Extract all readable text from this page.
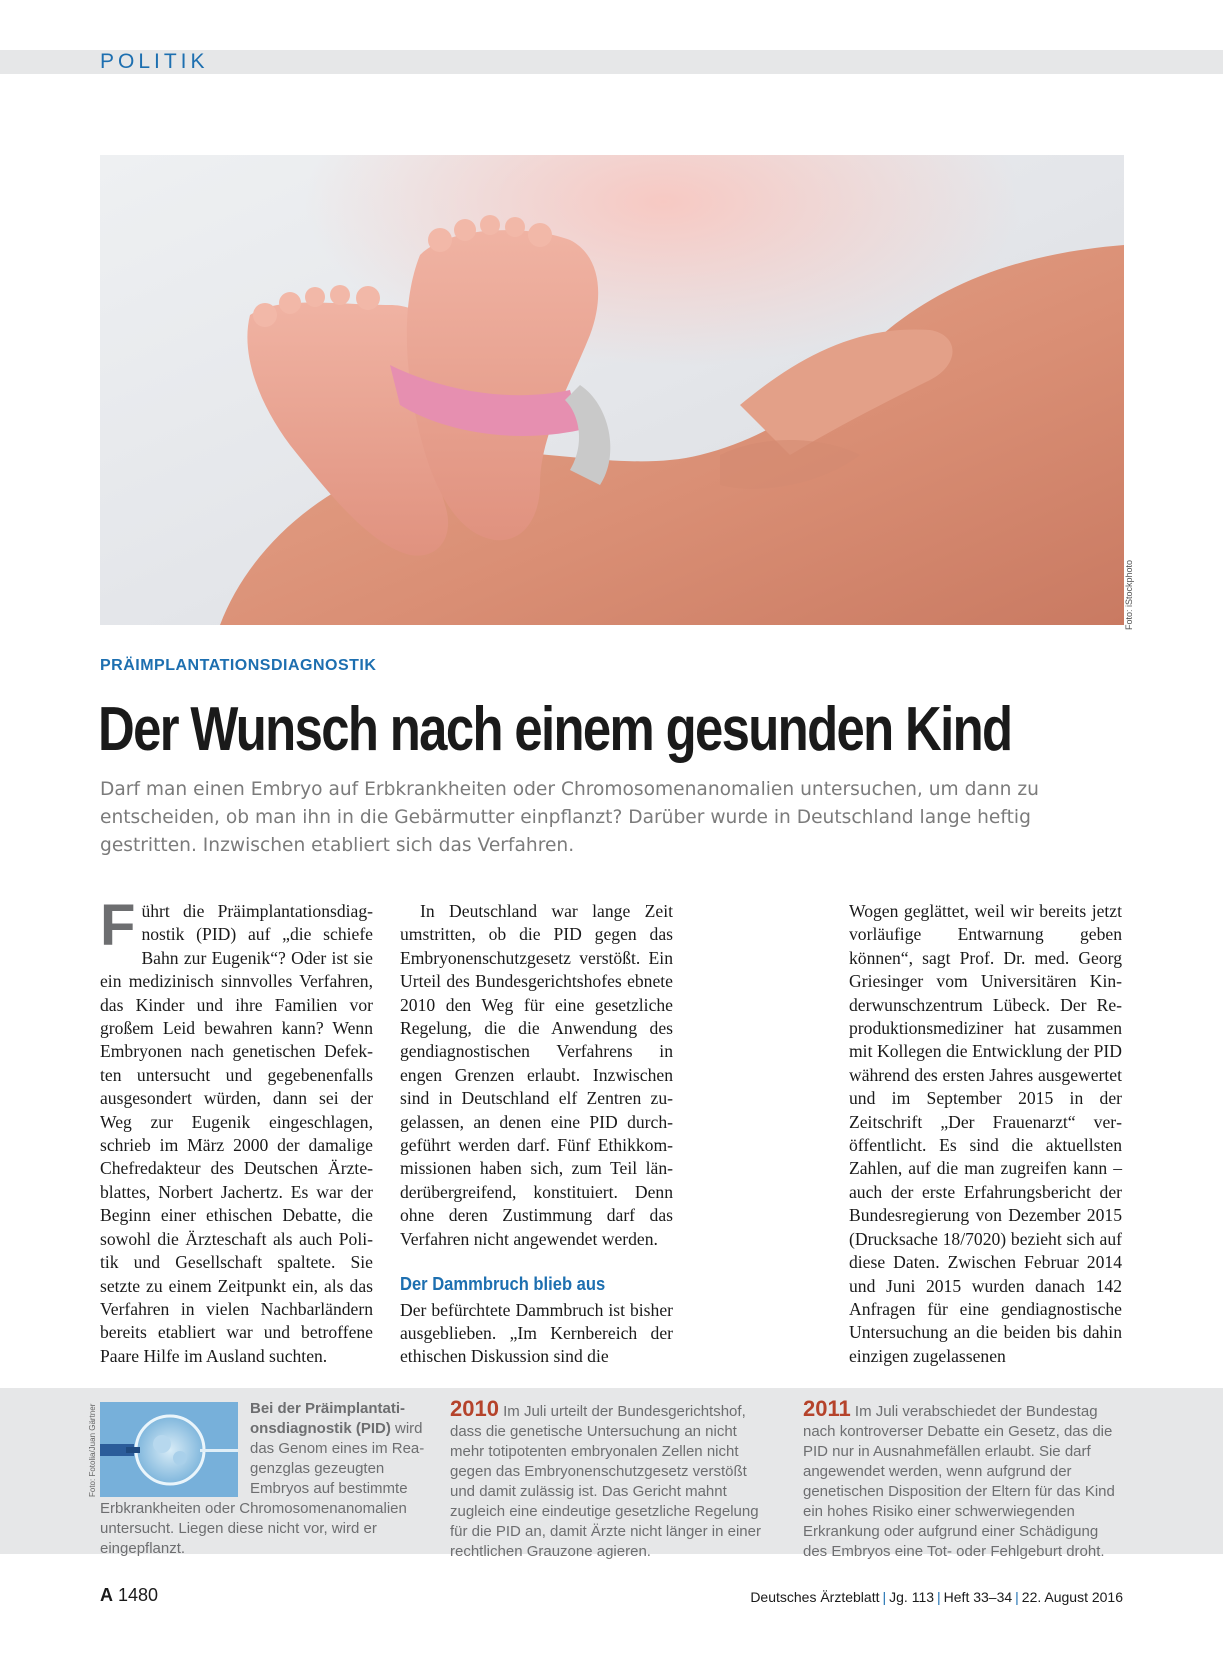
POLITIK
Foto: iStockphoto
PRÄIMPLANTATIONSDIAGNOSTIK
Der Wunsch nach einem gesunden Kind
Darf man einen Embryo auf Erbkrankheiten oder Chromosomenanomalien untersuchen, um dann zu entscheiden, ob man ihn in die Gebärmutter einpflanzt? Darüber wurde in Deutschland lange heftig gestritten. Inzwischen etabliert sich das Verfahren.
F ührt die Präimplantationsdiagnostik (PID) auf „die schiefe Bahn zur Eugenik“? Oder ist sie ein medizinisch sinnvolles Verfahren, das Kinder und ihre Familien vor großem Leid bewahren kann? Wenn Embryonen nach genetischen Defekten untersucht und gegebenenfalls ausgesondert würden, dann sei der Weg zur Eugenik eingeschlagen, schrieb im März 2000 der damalige Chefredakteur des Deutschen Ärzteblattes, Norbert Jachertz. Es war der Beginn einer ethischen Debatte, die sowohl die Ärzteschaft als auch Politik und Gesellschaft spaltete. Sie setzte zu einem Zeitpunkt ein, als das Verfahren in vielen Nachbarländern bereits etabliert war und betroffene Paare Hilfe im Ausland suchten.

In Deutschland war lange Zeit umstritten, ob die PID gegen das Embryonenschutzgesetz verstößt. Ein Urteil des Bundesgerichtshofes ebnete 2010 den Weg für eine gesetzliche Regelung, die die Anwendung des gendiagnostischen Verfahrens in engen Grenzen erlaubt. Inzwischen sind in Deutschland elf Zentren zugelassen, an denen eine PID durchgeführt werden darf. Fünf Ethikkommissionen haben sich, zum Teil länderübergreifend, konstituiert. Denn ohne deren Zustimmung darf das Verfahren nicht angewendet werden.

Der Dammbruch blieb aus

Der befürchtete Dammbruch ist bisher ausgeblieben. „Im Kernbereich der ethischen Diskussion sind die

Wogen geglättet, weil wir bereits jetzt vorläufige Entwarnung geben können“, sagt Prof. Dr. med. Georg Griesinger vom Universitären Kinderwunschzentrum Lübeck. Der Reproduktionsmediziner hat zusammen mit Kollegen die Entwicklung der PID während des ersten Jahres ausgewertet und im September 2015 in der Zeitschrift „Der Frauenarzt“ veröffentlicht. Es sind die aktuellsten Zahlen, auf die man zugreifen kann – auch der erste Erfahrungsbericht der Bundesregierung von Dezember 2015 (Drucksache 18/7020) bezieht sich auf diese Daten. Zwischen Februar 2014 und Juni 2015 wurden danach 142 Anfragen für eine gendiagnostische Untersuchung an die beiden bis dahin einzigen zugelassenen

Foto: Fotolia/Juan Gärtner	Bei der Präimplantationsdiagnostik (PID) wird das Genom eines im Reagenzglas gezeugten Embryos auf bestimmte Erbkrankheiten oder Chromosomenanomalien untersucht. Liegen diese nicht vor, wird er eingepflanzt.
2010 Im Juli urteilt der Bundesgerichtshof, dass die genetische Untersuchung an nicht mehr totipotenten embryonalen Zellen nicht gegen das Embryonenschutzgesetz verstößt und damit zulässig ist. Das Gericht mahnt zugleich eine eindeutige gesetzliche Regelung für die PID an, damit Ärzte nicht länger in einer rechtlichen Grauzone agieren.
2011 Im Juli verabschiedet der Bundestag nach kontroverser Debatte ein Gesetz, das die PID nur in Ausnahmefällen erlaubt. Sie darf angewendet werden, wenn aufgrund der genetischen Disposition der Eltern für das Kind ein hohes Risiko einer schwerwiegenden Erkrankung oder aufgrund einer Schädigung des Embryos eine Tot- oder Fehlgeburt droht.
A 1480	Deutsches Ärzteblatt | Jg. 113 | Heft 33–34 | 22. August 2016
